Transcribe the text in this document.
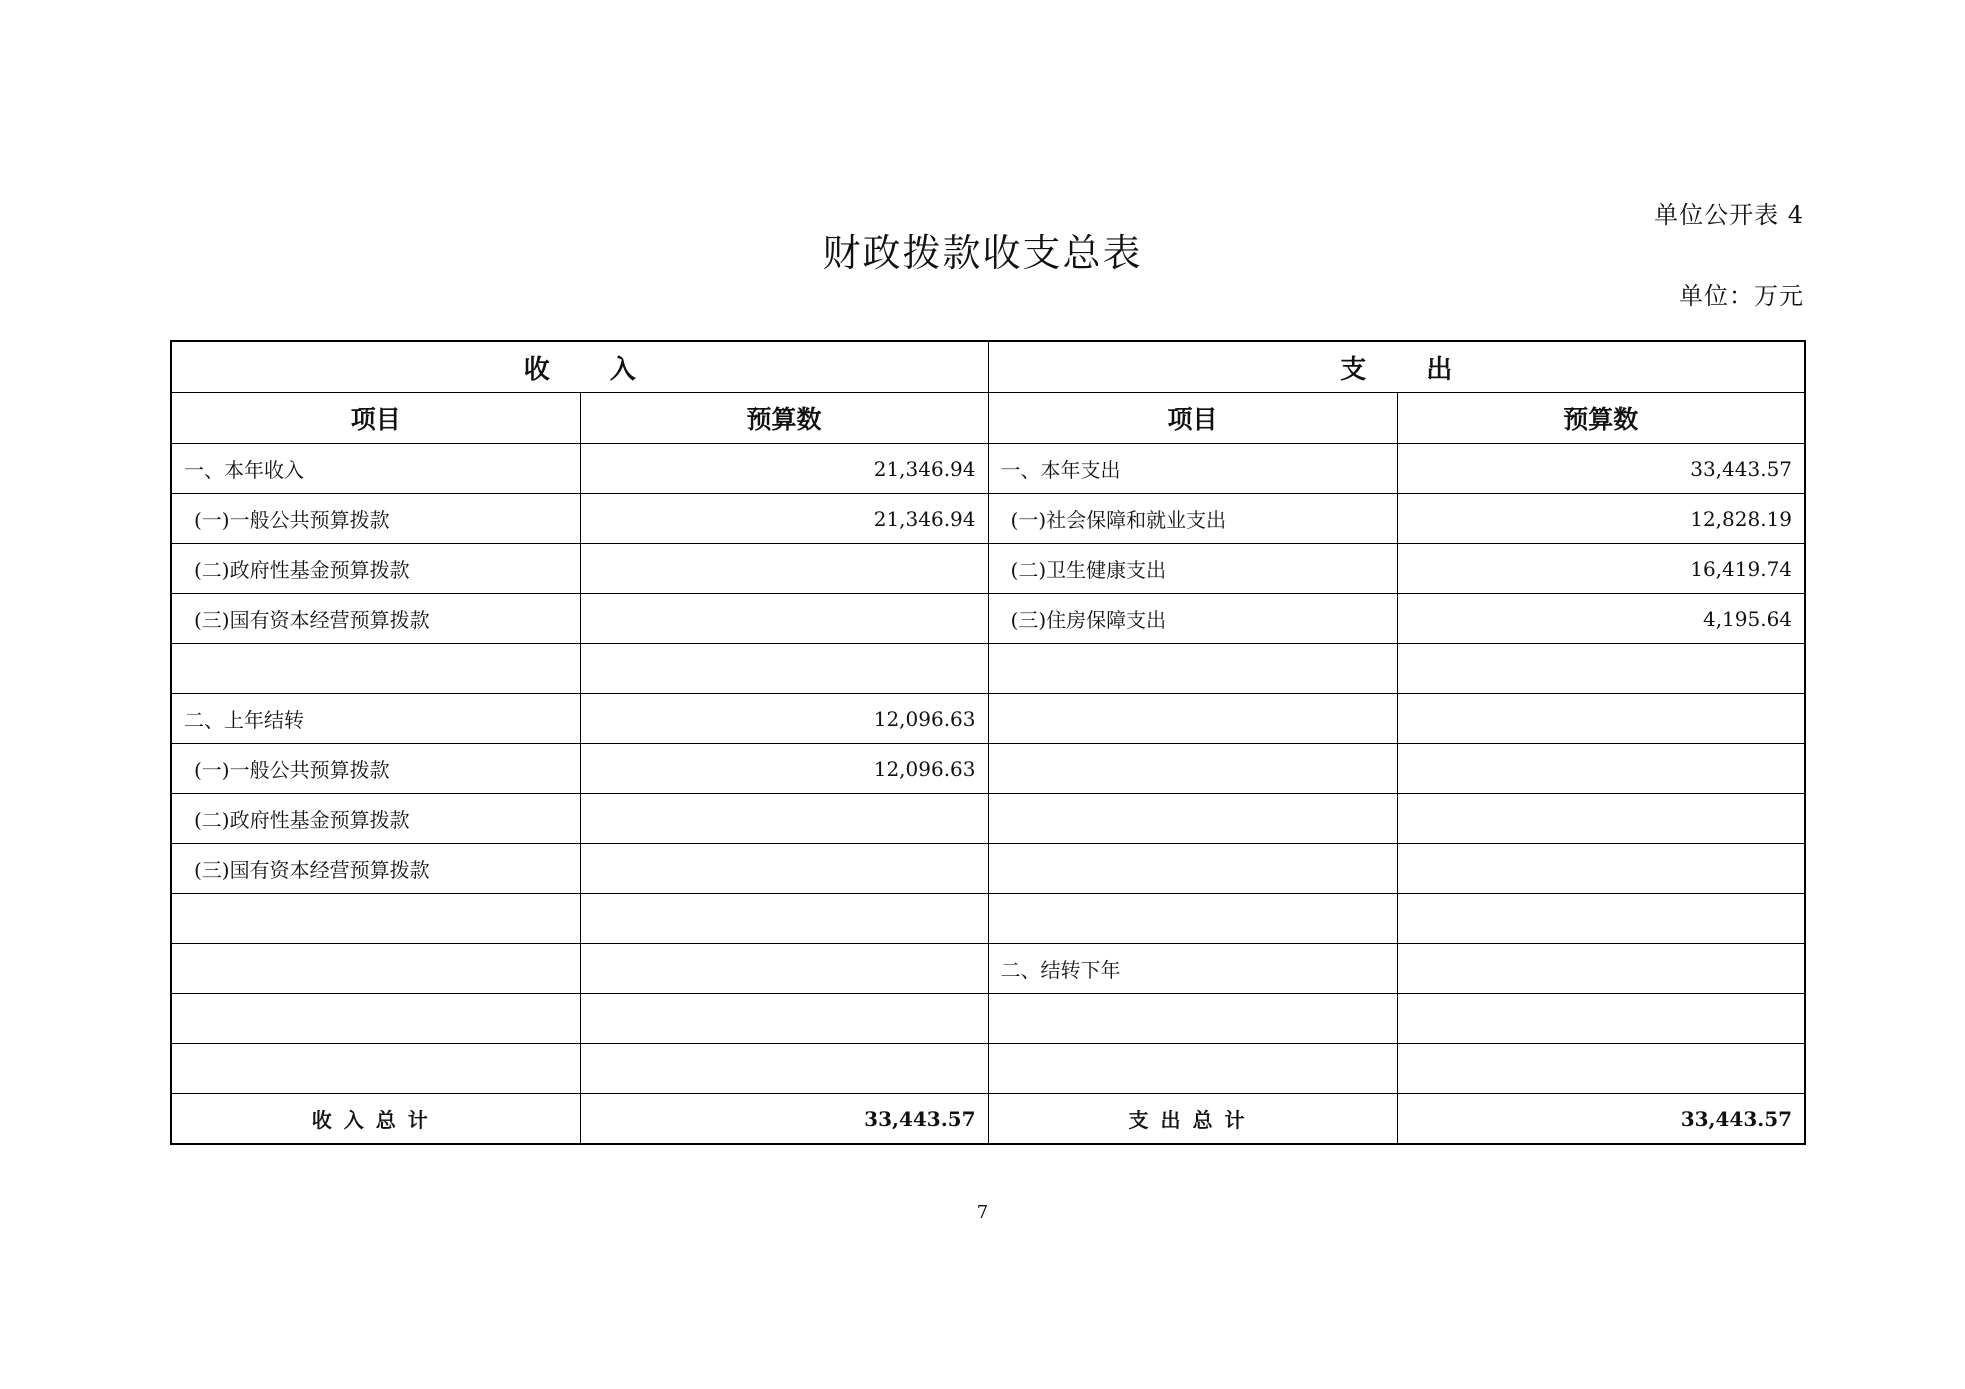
单位公开表 4
财政拨款收支总表
单位：万元
收入		支出	
项目	预算数	项目	预算数
一、本年收入	21,346.94	一、本年支出	33,443.57
(一)一般公共预算拨款	21,346.94	(一)社会保障和就业支出	12,828.19
(二)政府性基金预算拨款		(二)卫生健康支出	16,419.74
(三)国有资本经营预算拨款		(三)住房保障支出	4,195.64

二、上年结转	12,096.63		
(一)一般公共预算拨款	12,096.63		
(二)政府性基金预算拨款			
(三)国有资本经营预算拨款			

		二、结转下年	

收入总计	33,443.57	支出总计	33,443.57
7
